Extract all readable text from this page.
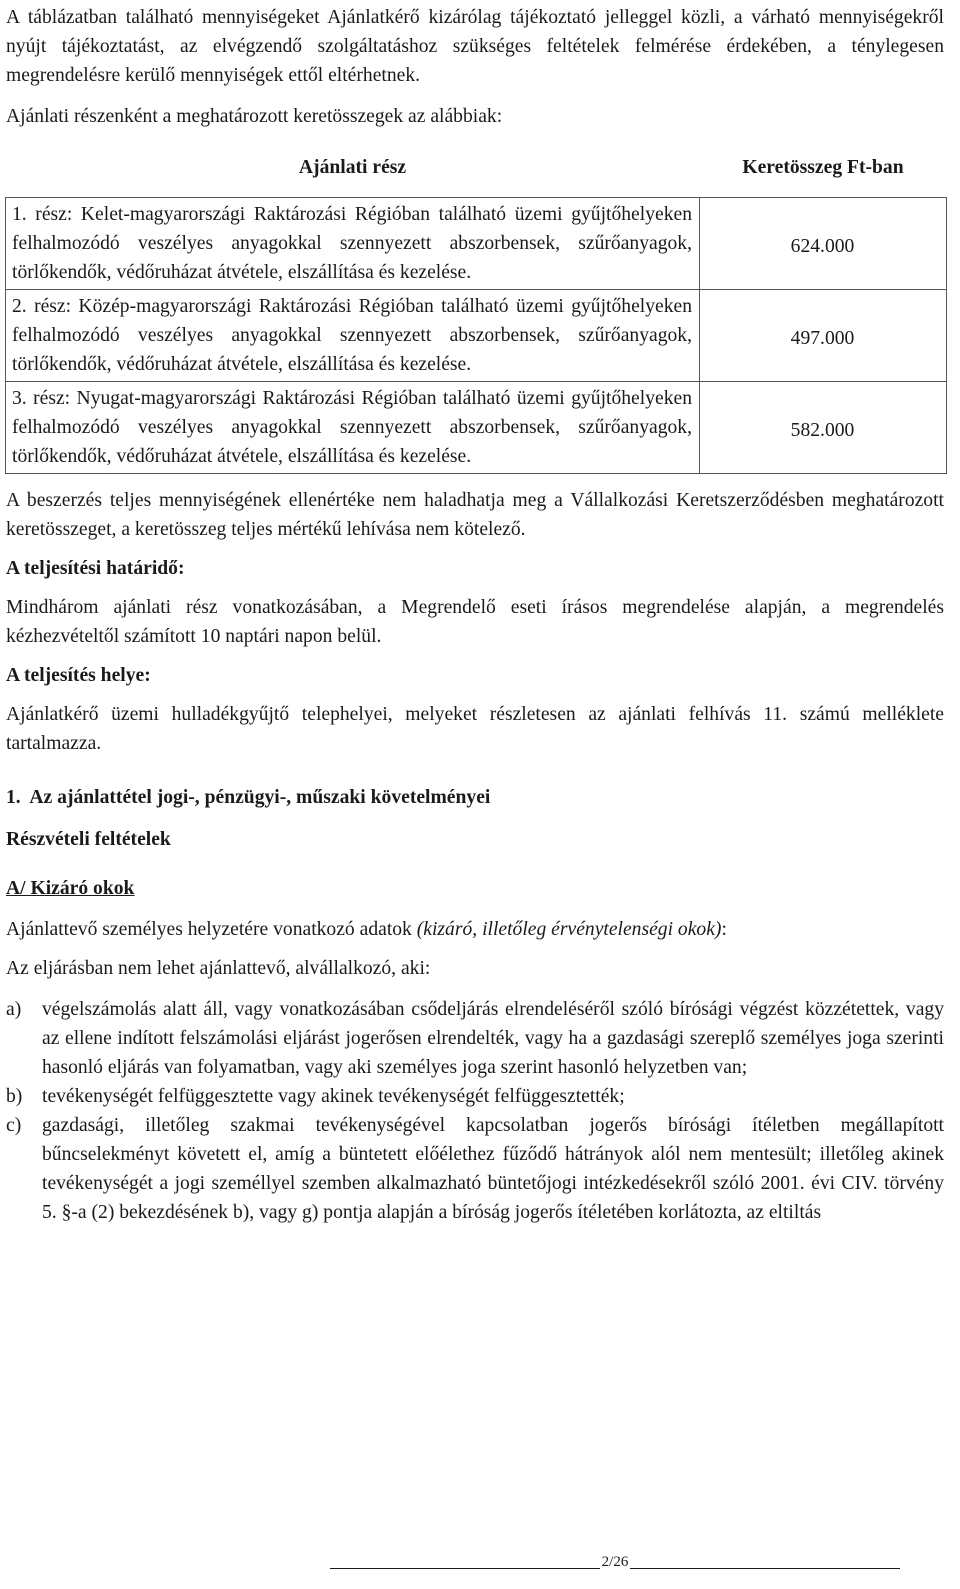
A táblázatban található mennyiségeket Ajánlatkérő kizárólag tájékoztató jelleggel közli, a várható mennyiségekről nyújt tájékoztatást, az elvégzendő szolgáltatáshoz szükséges feltételek felmérése érdekében, a ténylegesen megrendelésre kerülő mennyiségek ettől eltérhetnek.

Ajánlati részenként a meghatározott keretösszegek az alábbiak:

Ajánlati rész	Keretösszeg Ft-ban
1. rész: Kelet-magyarországi Raktározási Régióban található üzemi gyűjtőhelyeken felhalmozódó veszélyes anyagokkal szennyezett abszorbensek, szűrőanyagok, törlőkendők, védőruházat átvétele, elszállítása és kezelése.	624.000
2. rész: Közép-magyarországi Raktározási Régióban található üzemi gyűjtőhelyeken felhalmozódó veszélyes anyagokkal szennyezett abszorbensek, szűrőanyagok, törlőkendők, védőruházat átvétele, elszállítása és kezelése.	497.000
3. rész: Nyugat-magyarországi Raktározási Régióban található üzemi gyűjtőhelyeken felhalmozódó veszélyes anyagokkal szennyezett abszorbensek, szűrőanyagok, törlőkendők, védőruházat átvétele, elszállítása és kezelése.	582.000

A beszerzés teljes mennyiségének ellenértéke nem haladhatja meg a Vállalkozási Keretszerződésben meghatározott keretösszeget, a keretösszeg teljes mértékű lehívása nem kötelező.

A teljesítési határidő:

Mindhárom ajánlati rész vonatkozásában, a Megrendelő eseti írásos megrendelése alapján, a megrendelés kézhezvételtől számított 10 naptári napon belül.

A teljesítés helye:

Ajánlatkérő üzemi hulladékgyűjtő telephelyei, melyeket részletesen az ajánlati felhívás 11. számú melléklete tartalmazza.

1.  Az ajánlattétel jogi-, pénzügyi-, műszaki követelményei

Részvételi feltételek

A/ Kizáró okok

Ajánlattevő személyes helyzetére vonatkozó adatok (kizáró, illetőleg érvénytelenségi okok):

Az eljárásban nem lehet ajánlattevő, alvállalkozó, aki:

a)	végelszámolás alatt áll, vagy vonatkozásában csődeljárás elrendeléséről szóló bírósági végzést közzétettek, vagy az ellene indított felszámolási eljárást jogerősen elrendelték, vagy ha a gazdasági szereplő személyes joga szerinti hasonló eljárás van folyamatban, vagy aki személyes joga szerint hasonló helyzetben van;
b)	tevékenységét felfüggesztette vagy akinek tevékenységét felfüggesztették;
c)	gazdasági, illetőleg szakmai tevékenységével kapcsolatban jogerős bírósági ítéletben megállapított bűncselekményt követett el, amíg a büntetett előélethez fűződő hátrányok alól nem mentesült; illetőleg akinek tevékenységét a jogi személlyel szemben alkalmazható büntetőjogi intézkedésekről szóló 2001. évi CIV. törvény 5. §-a (2) bekezdésének b), vagy g) pontja alapján a bíróság jogerős ítéletében korlátozta, az eltiltás
2/26
